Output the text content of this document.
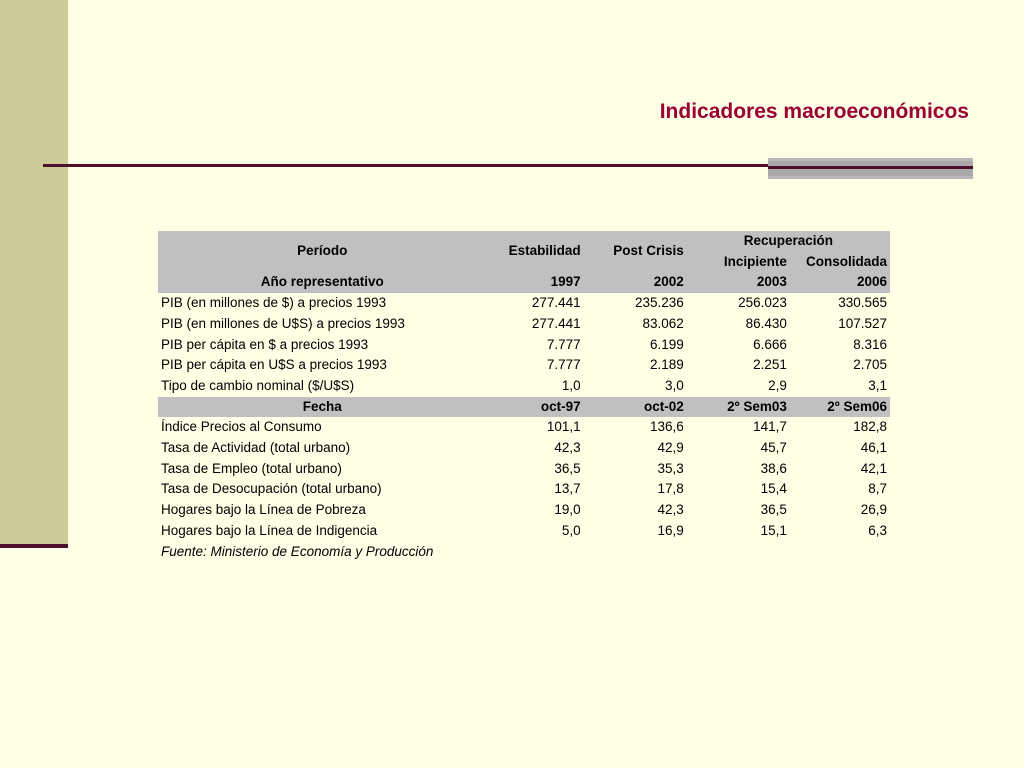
Indicadores macroeconómicos
Período	Estabilidad	Post Crisis	Recuperación	
			Incipiente	Consolidada
Año representativo	1997	2002	2003	2006
PIB (en millones de $) a precios 1993	277.441	235.236	256.023	330.565
PIB (en millones de U$S) a precios 1993	277.441	83.062	86.430	107.527
PIB per cápita en $ a precios 1993	7.777	6.199	6.666	8.316
PIB per cápita en U$S a precios 1993	7.777	2.189	2.251	2.705
Tipo de cambio nominal ($/U$S)	1,0	3,0	2,9	3,1
Fecha	oct-97	oct-02	2º Sem03	2º Sem06
Índice Precios al Consumo	101,1	136,6	141,7	182,8
Tasa de Actividad (total urbano)	42,3	42,9	45,7	46,1
Tasa de Empleo (total urbano)	36,5	35,3	38,6	42,1
Tasa de Desocupación (total urbano)	13,7	17,8	15,4	8,7
Hogares bajo la Línea de Pobreza	19,0	42,3	36,5	26,9
Hogares bajo la Línea de Indigencia	5,0	16,9	15,1	6,3
Fuente: Ministerio de Economía y Producción				
